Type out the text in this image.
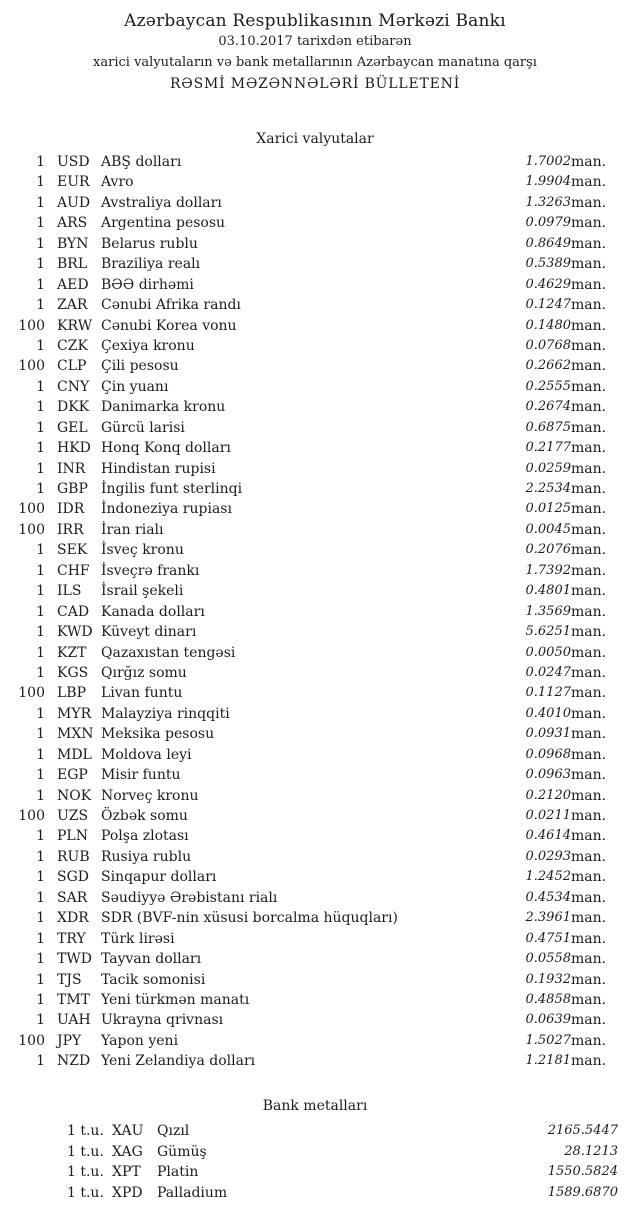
Azərbaycan Respublikasının Mərkəzi Bankı
03.10.2017 tarixdən etibarən
xarici valyutaların və bank metallarının Azərbaycan manatına qarşı
RƏSMİ MƏZƏNNƏLƏRİ BÜLLETENİ
Xarici valyutalar
1 USD ABŞ dolları	1.7002 man.
1 EUR Avro	1.9904 man.
1 AUD Avstraliya dolları	1.3263 man.
1 ARS Argentina pesosu	0.0979 man.
1 BYN Belarus rublu	0.8649 man.
1 BRL Braziliya realı	0.5389 man.
1 AED BƏƏ dirhəmi	0.4629 man.
1 ZAR Cənubi Afrika randı	0.1247 man.
100 KRW Cənubi Korea vonu	0.1480 man.
1 CZK Çexiya kronu	0.0768 man.
100 CLP Çili pesosu	0.2662 man.
1 CNY Çin yuanı	0.2555 man.
1 DKK Danimarka kronu	0.2674 man.
1 GEL Gürcü larisi	0.6875 man.
1 HKD Honq Konq dolları	0.2177 man.
1 INR Hindistan rupisi	0.0259 man.
1 GBP İngilis funt sterlinqi	2.2534 man.
100 IDR İndoneziya rupiası	0.0125 man.
100 IRR İran rialı	0.0045 man.
1 SEK İsveç kronu	0.2076 man.
1 CHF İsveçrə frankı	1.7392 man.
1 ILS İsrail şekeli	0.4801 man.
1 CAD Kanada dolları	1.3569 man.
1 KWD Küveyt dinarı	5.6251 man.
1 KZT Qazaxıstan tengəsi	0.0050 man.
1 KGS Qırğız somu	0.0247 man.
100 LBP Livan funtu	0.1127 man.
1 MYR Malayziya rinqqiti	0.4010 man.
1 MXN Meksika pesosu	0.0931 man.
1 MDL Moldova leyi	0.0968 man.
1 EGP Misir funtu	0.0963 man.
1 NOK Norveç kronu	0.2120 man.
100 UZS Özbək somu	0.0211 man.
1 PLN Polşa zlotası	0.4614 man.
1 RUB Rusiya rublu	0.0293 man.
1 SGD Sinqapur dolları	1.2452 man.
1 SAR Səudiyyə Ərəbistanı rialı	0.4534 man.
1 XDR SDR (BVF-nin xüsusi borcalma hüquqları)	2.3961 man.
1 TRY Türk lirəsi	0.4751 man.
1 TWD Tayvan dolları	0.0558 man.
1 TJS Tacik somonisi	0.1932 man.
1 TMT Yeni türkmən manatı	0.4858 man.
1 UAH Ukrayna qrivnası	0.0639 man.
100 JPY Yapon yeni	1.5027 man.
1 NZD Yeni Zelandiya dolları	1.2181 man.
Bank metalları
1 t.u. XAU Qızıl	2165.5447
1 t.u. XAG Gümüş	28.1213
1 t.u. XPT Platin	1550.5824
1 t.u. XPD Palladium	1589.6870
